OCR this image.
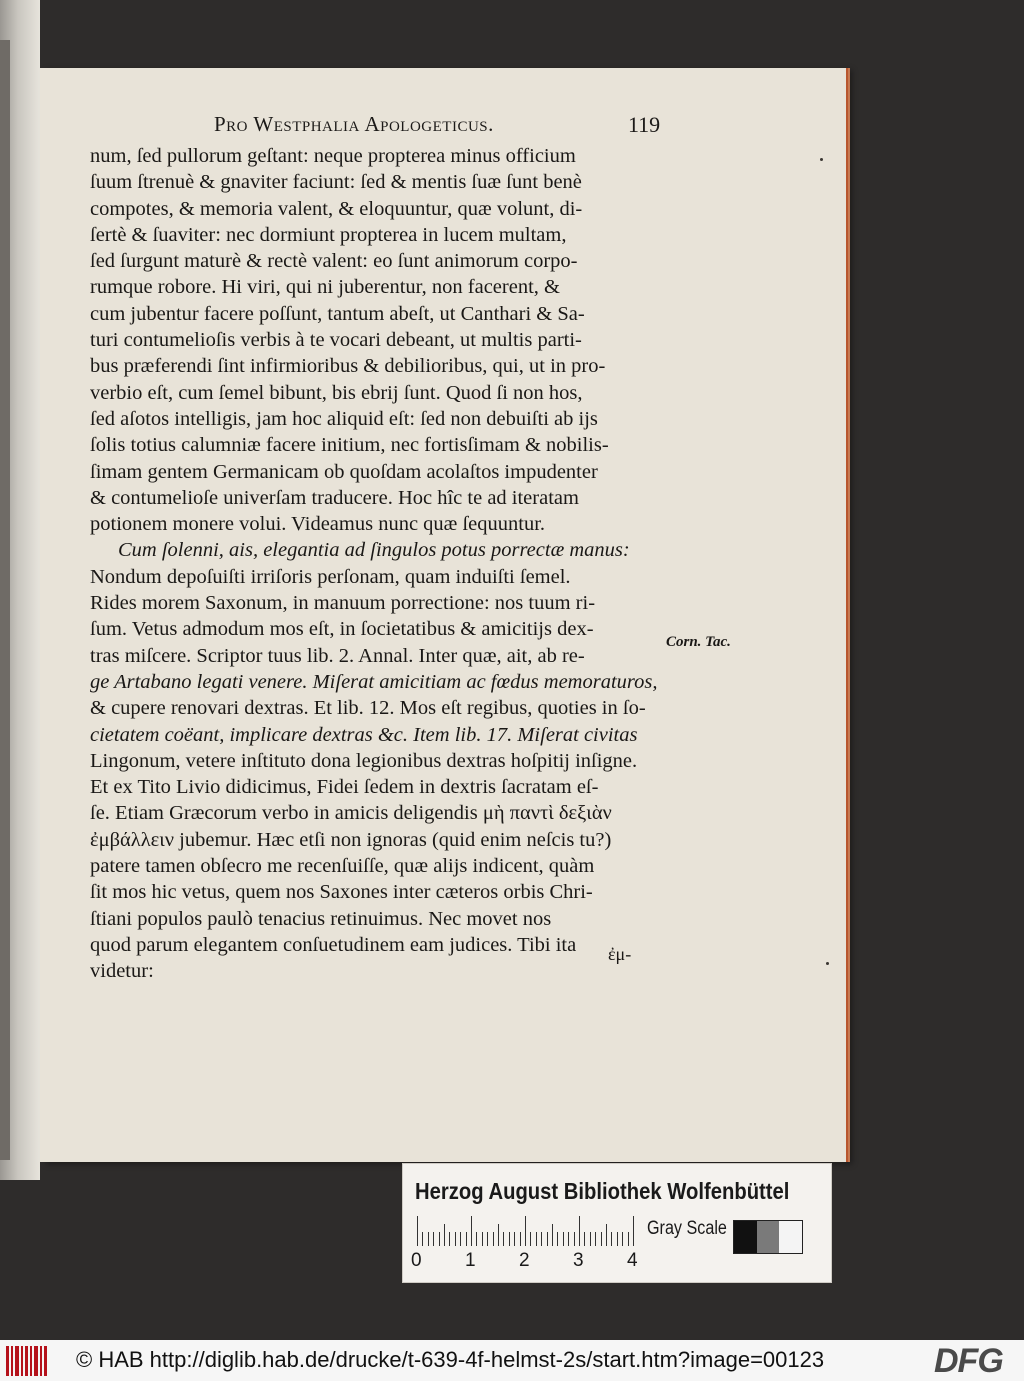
Pro Westphalia Apologeticus.	119
num, ſed pullorum geſtant: neque propterea minus officium
ſuum ſtrenuè & gnaviter faciunt: ſed & mentis ſuæ ſunt benè
compotes, & memoria valent, & eloquuntur, quæ volunt, di-
ſertè & ſuaviter: nec dormiunt propterea in lucem multam,
ſed ſurgunt maturè & rectè valent: eo ſunt animorum corpo-
rumque robore. Hi viri, qui ni juberentur, non facerent, &
cum jubentur facere poſſunt, tantum abeſt, ut Canthari & Sa-
turi contumelioſis verbis à te vocari debeant, ut multis parti-
bus præferendi ſint infirmioribus & debilioribus, qui, ut in pro-
verbio eſt, cum ſemel bibunt, bis ebrij ſunt. Quod ſi non hos,
ſed aſotos intelligis, jam hoc aliquid eſt: ſed non debuiſti ab ijs
ſolis totius calumniæ facere initium, nec fortisſimam & nobilis-
ſimam gentem Germanicam ob quoſdam acolaſtos impudenter
& contumelioſe univerſam traducere. Hoc hîc te ad iteratam
potionem monere volui. Videamus nunc quæ ſequuntur.
Cum ſolenni, ais, elegantia ad ſingulos potus porrectæ manus:
Nondum depoſuiſti irriſoris perſonam, quam induiſti ſemel.
Rides morem Saxonum, in manuum porrectione: nos tuum ri-
ſum. Vetus admodum mos eſt, in ſocietatibus & amicitijs dex-
tras miſcere. Scriptor tuus lib. 2. Annal. Inter quæ, ait, ab re-
ge Artabano legati venere. Miſerat amicitiam ac fœdus memoraturos,
& cupere renovari dextras. Et lib. 12. Mos eſt regibus, quoties in ſo-
cietatem coëant, implicare dextras &c. Item lib. 17. Miſerat civitas
Lingonum, vetere inſtituto dona legionibus dextras hoſpitij inſigne.
Et ex Tito Livio didicimus, Fidei ſedem in dextris ſacratam eſ-
ſe. Etiam Græcorum verbo in amicis deligendis μὴ παντὶ δεξιὰν
ἐμβάλλειν jubemur. Hæc etſi non ignoras (quid enim neſcis tu?)
patere tamen obſecro me recenſuiſſe, quæ alijs indicent, quàm
ſit mos hic vetus, quem nos Saxones inter cæteros orbis Chri-
ſtiani populos paulò tenacius retinuimus. Nec movet nos
quod parum elegantem conſuetudinem eam judices. Tibi ita
videtur:
Corn. Tac.
ἐμ-
Herzog August Bibliothek Wolfenbüttel
0 1 2 3 4
Gray Scale
© HAB http://diglib.hab.de/drucke/t-639-4f-helmst-2s/start.htm?image=00123	DFG
